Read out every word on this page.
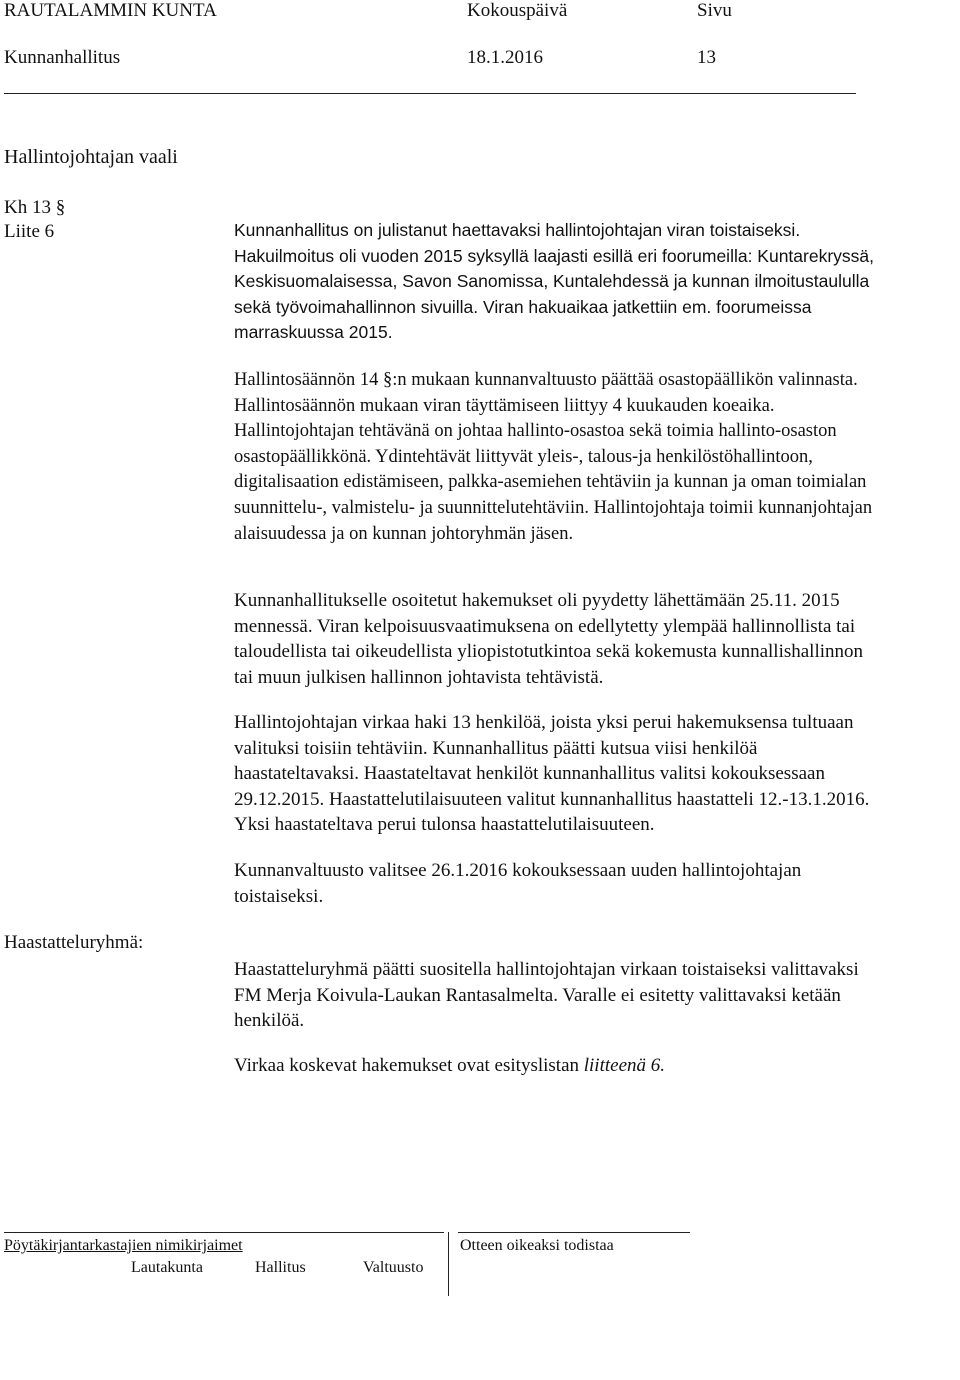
RAUTALAMMIN KUNTA	Kokouspäivä	Sivu
Kunnanhallitus	18.1.2016	13
Hallintojohtajan vaali
Kh 13 §
Liite 6	Kunnanhallitus on julistanut haettavaksi hallintojohtajan viran toistaiseksi. Hakuilmoitus oli vuoden 2015 syksyllä laajasti esillä eri foorumeilla: Kuntarekryssä, Keskisuomalaisessa, Savon Sanomissa, Kuntalehdessä ja kunnan ilmoitustaululla sekä työvoimahallinnon sivuilla. Viran hakuaikaa jatkettiin em. foorumeissa marraskuussa 2015.
Hallintosäännön 14 §:n mukaan kunnanvaltuusto päättää osastopäällikön valinnasta. Hallintosäännön mukaan viran täyttämiseen liittyy 4 kuukauden koeaika. Hallintojohtajan tehtävänä on johtaa hallinto-osastoa sekä toimia hallinto-osaston osastopäällikkönä. Ydintehtävät liittyvät yleis-, talous-ja henkilöstöhallintoon, digitalisaation edistämiseen, palkka-asemiehen tehtäviin ja kunnan ja oman toimialan suunnittelu-, valmistelu- ja suunnittelutehtäviin. Hallintojohtaja toimii kunnanjohtajan alaisuudessa ja on kunnan johtoryhmän jäsen.
Kunnanhallitukselle osoitetut hakemukset oli pyydetty lähettämään 25.11. 2015 mennessä. Viran kelpoisuusvaatimuksena on edellytetty ylempää hallinnollista tai taloudellista tai oikeudellista yliopistotutkintoa sekä kokemusta kunnallishallinnon tai muun julkisen hallinnon johtavista tehtävistä.
Hallintojohtajan virkaa haki 13 henkilöä, joista yksi perui hakemuksensa tultuaan valituksi toisiin tehtäviin. Kunnanhallitus päätti kutsua viisi henkilöä haastateltavaksi. Haastateltavat henkilöt kunnanhallitus valitsi kokouksessaan 29.12.2015. Haastattelutilaisuuteen valitut kunnanhallitus haastatteli 12.-13.1.2016. Yksi haastateltava perui tulonsa haastattelutilaisuuteen.
Kunnanvaltuusto valitsee 26.1.2016 kokouksessaan uuden hallintojohtajan toistaiseksi.
Haastatteluryhmä:
Haastatteluryhmä päätti suositella hallintojohtajan virkaan toistaiseksi valittavaksi FM Merja Koivula-Laukan Rantasalmelta. Varalle ei esitetty valittavaksi ketään henkilöä.
Virkaa koskevat hakemukset ovat esityslistan liitteenä 6.
Pöytäkirjantarkastajien nimikirjaimet
Lautakunta	Hallitus	Valtuusto
Otteen oikeaksi todistaa
